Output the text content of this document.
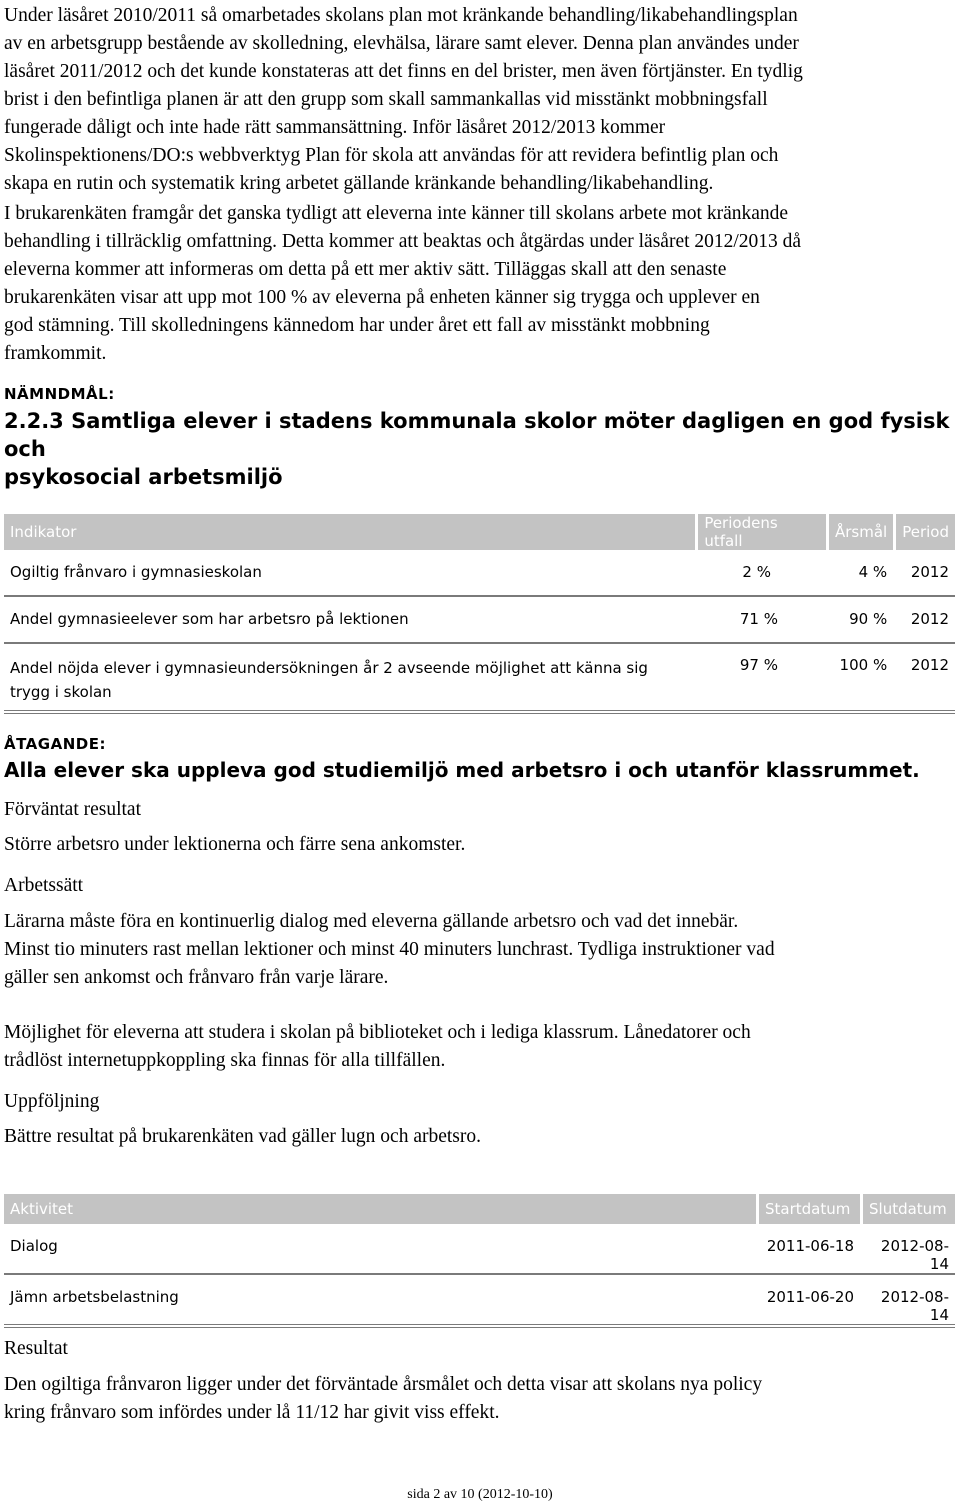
Under läsåret 2010/2011 så omarbetades skolans plan mot kränkande behandling/likabehandlingsplan

av en arbetsgrupp bestående av skolledning, elevhälsa, lärare samt elever. Denna plan användes under

läsåret 2011/2012 och det kunde konstateras att det finns en del brister, men även förtjänster. En tydlig

brist i den befintliga planen är att den grupp som skall sammankallas vid misstänkt mobbningsfall

fungerade dåligt och inte hade rätt sammansättning. Inför läsåret 2012/2013 kommer

Skolinspektionens/DO:s webbverktyg Plan för skola att användas för att revidera befintlig plan och

skapa en rutin och systematik kring arbetet gällande kränkande behandling/likabehandling.

I brukarenkäten framgår det ganska tydligt att eleverna inte känner till skolans arbete mot kränkande

behandling i tillräcklig omfattning. Detta kommer att beaktas och åtgärdas under läsåret 2012/2013 då

eleverna kommer att informeras om detta på ett mer aktiv sätt. Tilläggas skall att den senaste

brukarenkäten visar att upp mot 100 % av eleverna på enheten känner sig trygga och upplever en

god stämning. Till skolledningens kännedom har under året ett fall av misstänkt mobbning

framkommit.

NÄMNDMÅL:
2.2.3 Samtliga elever i stadens kommunala skolor möter dagligen en god fysisk och
psykosocial arbetsmiljö
Indikator	Periodens utfall	Årsmål	Period
Ogiltig frånvaro i gymnasieskolan	2 %	4 %	2012
Andel gymnasieelever som har arbetsro på lektionen	71 %	90 %	2012
Andel nöjda elever i gymnasieundersökningen år 2 avseende möjlighet att känna sig trygg i skolan	97 %	100 %	2012
ÅTAGANDE:
Alla elever ska uppleva god studiemiljö med arbetsro i och utanför klassrummet.
Förväntat resultat
Större arbetsro under lektionerna och färre sena ankomster.
Arbetssätt

Lärarna måste föra en kontinuerlig dialog med eleverna gällande arbetsro och vad det innebär.

Minst tio minuters rast mellan lektioner och minst 40 minuters lunchrast. Tydliga instruktioner vad

gäller sen ankomst och frånvaro från varje lärare.

Möjlighet för eleverna att studera i skolan på biblioteket och i lediga klassrum. Lånedatorer och

trådlöst internetuppkoppling ska finnas för alla tillfällen.

Uppföljning
Bättre resultat på brukarenkäten vad gäller lugn och arbetsro.
Aktivitet	Startdatum	Slutdatum
Dialog	2011-06-18	2012-08-14
Jämn arbetsbelastning	2011-06-20	2012-08-14
Resultat

Den ogiltiga frånvaron ligger under det förväntade årsmålet och detta visar att skolans nya policy

kring frånvaro som infördes under lå 11/12 har givit viss effekt.

sida 2 av 10 (2012-10-10)
